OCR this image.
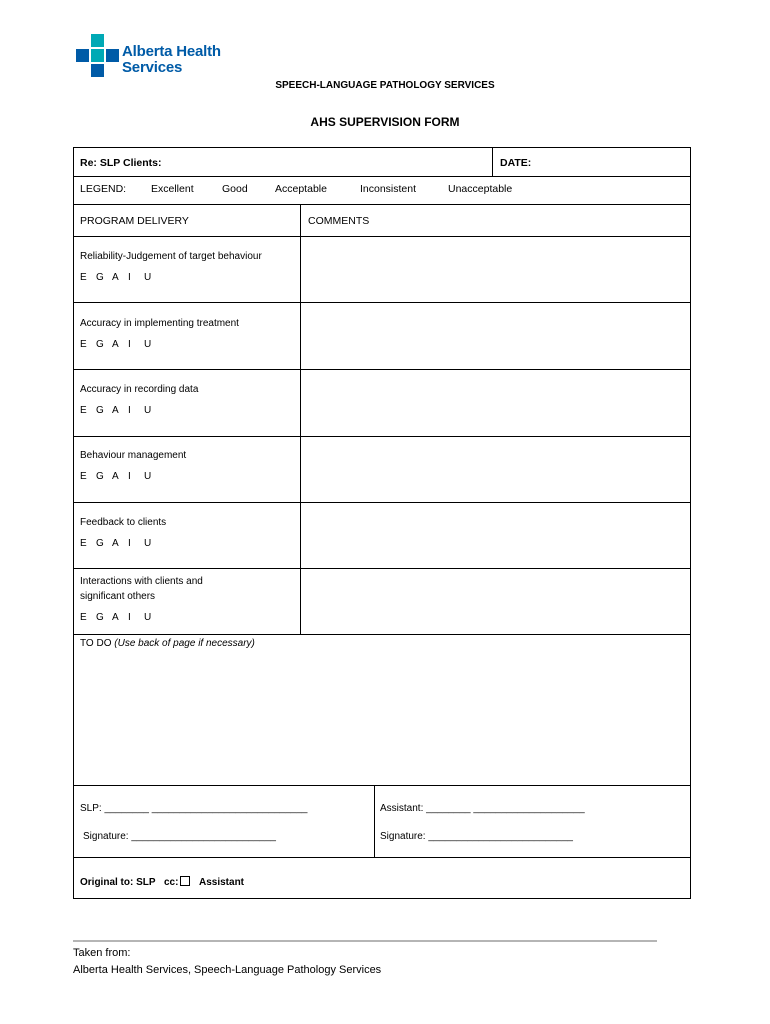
Alberta Health
Services
SPEECH-LANGUAGE PATHOLOGY SERVICES
AHS SUPERVISION FORM
Re: SLP Clients:	DATE:
LEGEND: Excellent	Good	Acceptable	Inconsistent	Unacceptable
PROGRAM DELIVERY	COMMENTS
Reliability-Judgement of target behaviour
E G A I U
Accuracy in implementing treatment
E G A I U
Accuracy in recording data
E G A I U
Behaviour management
E G A I U
Feedback to clients
E G A I U
Interactions with clients and
significant others
E G A I U
TO DO (Use back of page if necessary)
SLP: ________ ____________________________	Assistant: ________ ____________________
Signature: __________________________	Signature: __________________________
Original to: SLP cc: Assistant
Taken from:
Alberta Health Services, Speech-Language Pathology Services
